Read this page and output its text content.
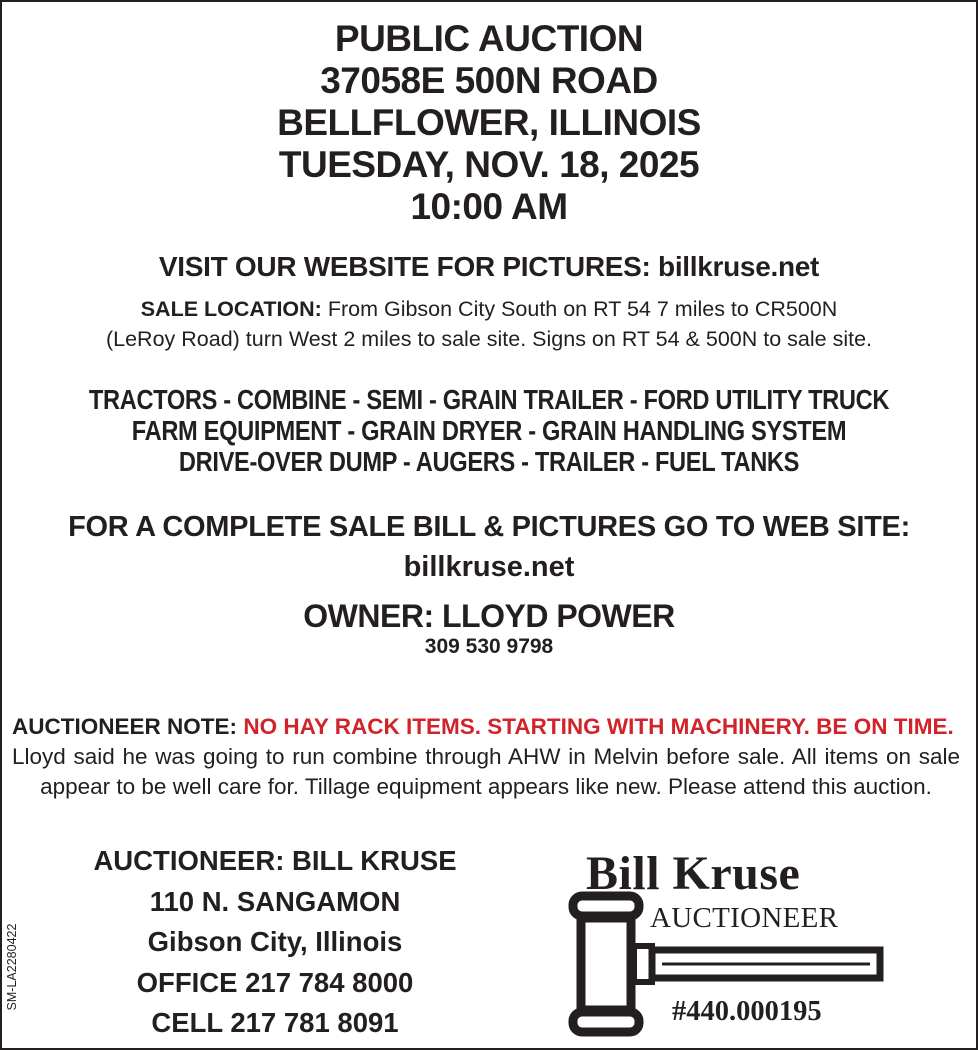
PUBLIC AUCTION
37058E 500N ROAD
BELLFLOWER, ILLINOIS
TUESDAY, NOV. 18, 2025
10:00 AM
VISIT OUR WEBSITE FOR PICTURES: billkruse.net
SALE LOCATION: From Gibson City South on RT 54 7 miles to CR500N
(LeRoy Road) turn West 2 miles to sale site. Signs on RT 54 & 500N to sale site.
TRACTORS - COMBINE - SEMI - GRAIN TRAILER - FORD UTILITY TRUCK
FARM EQUIPMENT - GRAIN DRYER - GRAIN HANDLING SYSTEM
DRIVE-OVER DUMP - AUGERS - TRAILER - FUEL TANKS
FOR A COMPLETE SALE BILL & PICTURES GO TO WEB SITE:
billkruse.net
OWNER: LLOYD POWER
309 530 9798
AUCTIONEER NOTE: NO HAY RACK ITEMS. STARTING WITH MACHINERY. BE ON TIME.  Lloyd said he was going to run combine through AHW in Melvin before sale. All items on sale appear to be well care for. Tillage equipment appears like new. Please attend this auction.
AUCTIONEER: BILL KRUSE
110 N. SANGAMON
Gibson City, Illinois
OFFICE 217 784 8000
CELL 217 781 8091
SM-LA2280422
Bill Kruse
AUCTIONEER
#440.000195
